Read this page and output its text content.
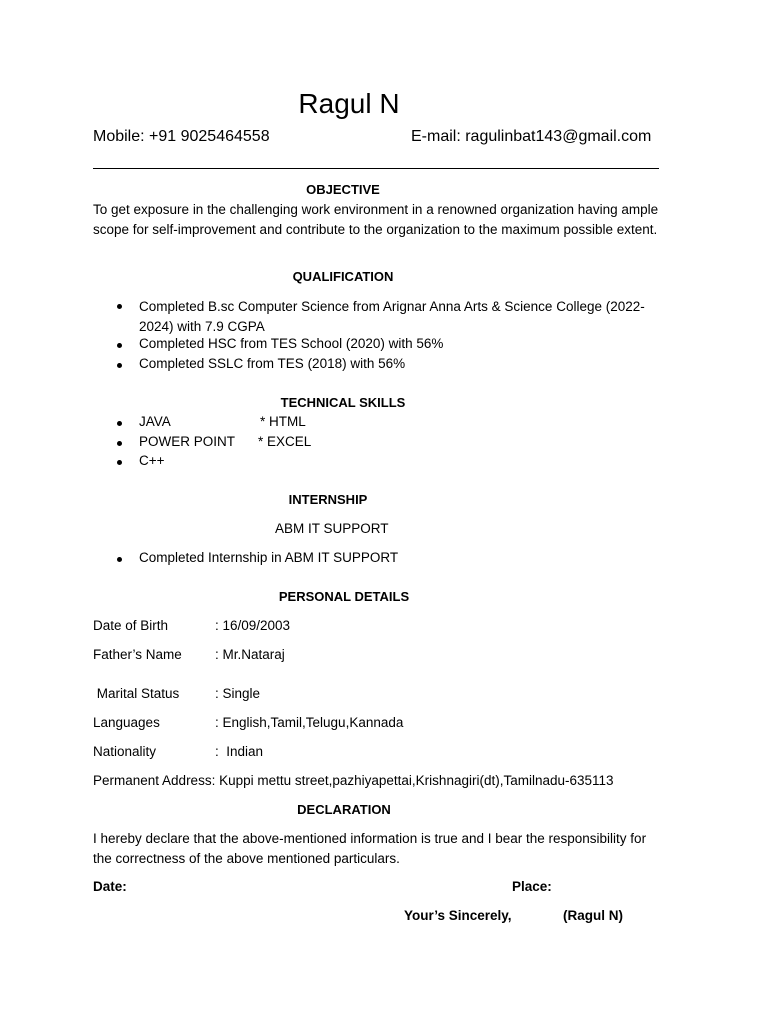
Ragul N
Mobile: +91 9025464558	E-mail: ragulinbat143@gmail.com
OBJECTIVE
To get exposure in the challenging work environment in a renowned organization having ample scope for self-improvement and contribute to the organization to the maximum possible extent.
QUALIFICATION
Completed B.sc Computer Science from Arignar Anna Arts & Science College (2022- 2024) with 7.9 CGPA
Completed HSC from TES School (2020) with 56%
Completed SSLC from TES (2018) with 56%
TECHNICAL SKILLS
JAVA	* HTML
POWER POINT * EXCEL
C++
INTERNSHIP
ABM IT SUPPORT
Completed Internship in ABM IT SUPPORT
PERSONAL DETAILS
Date of Birth	: 16/09/2003
Father’s Name : Mr.Nataraj
Marital Status	: Single
Languages	: English,Tamil,Telugu,Kannada
Nationality	:  Indian
Permanent Address: Kuppi mettu street,pazhiyapettai,Krishnagiri(dt),Tamilnadu-635113
DECLARATION
I hereby declare that the above-mentioned information is true and I bear the responsibility for the correctness of the above mentioned particulars.
Date:	Place:
Your’s Sincerely,	(Ragul N)
